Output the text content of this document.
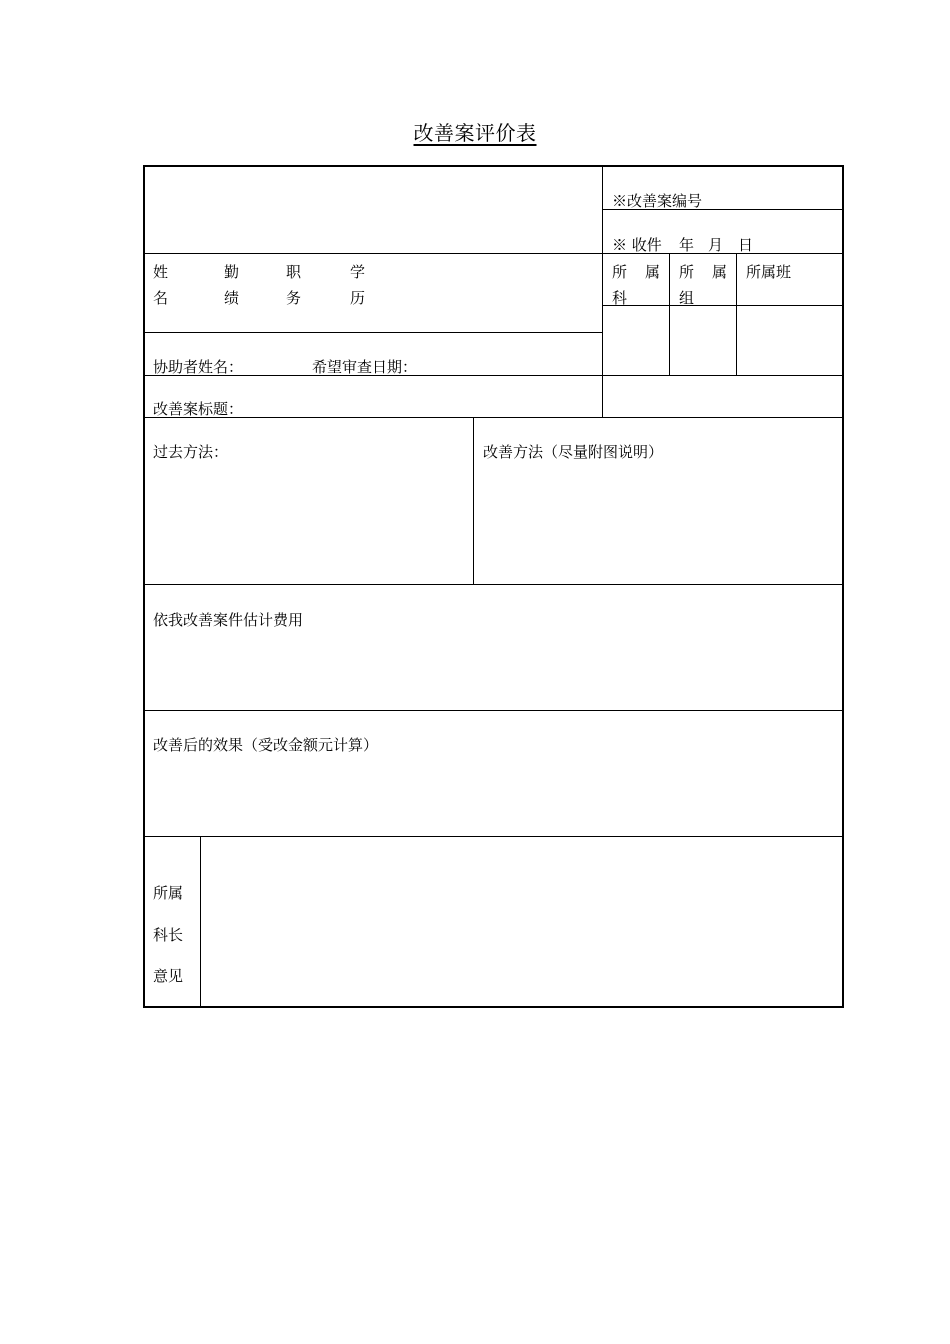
改善案评价表
※改善案编号
※ 收件 年 月 日
姓
名
勤
绩
职
务
学
历
所 属
科
所 属
组
所属班
协助者姓名：	希望审查日期：
改善案标题：
过去方法：	改善方法（尽量附图说明）
依我改善案件估计费用
改善后的效果（受改金额元计算）
所属
科长
意见
